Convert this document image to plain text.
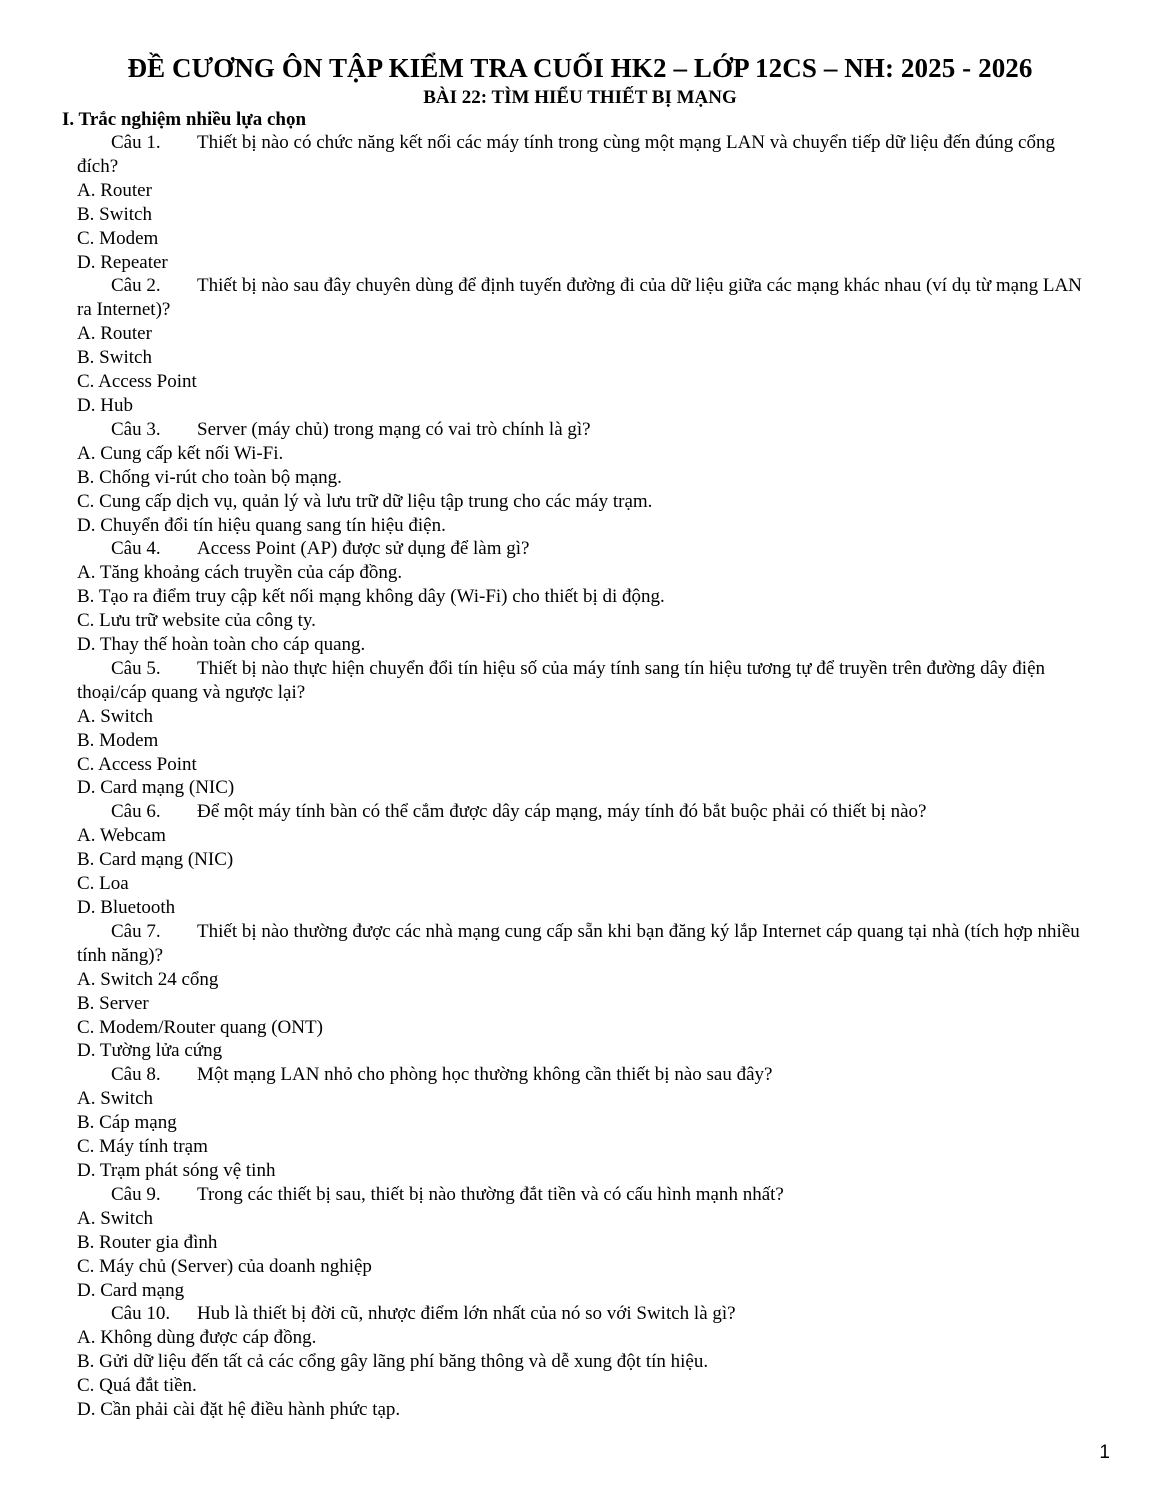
ĐỀ CƯƠNG ÔN TẬP KIỂM TRA CUỐI HK2 – LỚP 12CS – NH: 2025 - 2026
BÀI 22: TÌM HIỂU THIẾT BỊ MẠNG
I. Trắc nghiệm nhiều lựa chọn
Câu 1. Thiết bị nào có chức năng kết nối các máy tính trong cùng một mạng LAN và chuyển tiếp dữ liệu đến đúng cổng đích?
A. Router
B. Switch
C. Modem
D. Repeater
Câu 2. Thiết bị nào sau đây chuyên dùng để định tuyến đường đi của dữ liệu giữa các mạng khác nhau (ví dụ từ mạng LAN ra Internet)?
A. Router
B. Switch
C. Access Point
D. Hub
Câu 3. Server (máy chủ) trong mạng có vai trò chính là gì?
A. Cung cấp kết nối Wi-Fi.
B. Chống vi-rút cho toàn bộ mạng.
C. Cung cấp dịch vụ, quản lý và lưu trữ dữ liệu tập trung cho các máy trạm.
D. Chuyển đổi tín hiệu quang sang tín hiệu điện.
Câu 4. Access Point (AP) được sử dụng để làm gì?
A. Tăng khoảng cách truyền của cáp đồng.
B. Tạo ra điểm truy cập kết nối mạng không dây (Wi-Fi) cho thiết bị di động.
C. Lưu trữ website của công ty.
D. Thay thế hoàn toàn cho cáp quang.
Câu 5. Thiết bị nào thực hiện chuyển đổi tín hiệu số của máy tính sang tín hiệu tương tự để truyền trên đường dây điện thoại/cáp quang và ngược lại?
A. Switch
B. Modem
C. Access Point
D. Card mạng (NIC)
Câu 6. Để một máy tính bàn có thể cắm được dây cáp mạng, máy tính đó bắt buộc phải có thiết bị nào?
A. Webcam
B. Card mạng (NIC)
C. Loa
D. Bluetooth
Câu 7. Thiết bị nào thường được các nhà mạng cung cấp sẵn khi bạn đăng ký lắp Internet cáp quang tại nhà (tích hợp nhiều tính năng)?
A. Switch 24 cổng
B. Server
C. Modem/Router quang (ONT)
D. Tường lửa cứng
Câu 8. Một mạng LAN nhỏ cho phòng học thường không cần thiết bị nào sau đây?
A. Switch
B. Cáp mạng
C. Máy tính trạm
D. Trạm phát sóng vệ tinh
Câu 9. Trong các thiết bị sau, thiết bị nào thường đắt tiền và có cấu hình mạnh nhất?
A. Switch
B. Router gia đình
C. Máy chủ (Server) của doanh nghiệp
D. Card mạng
Câu 10. Hub là thiết bị đời cũ, nhược điểm lớn nhất của nó so với Switch là gì?
A. Không dùng được cáp đồng.
B. Gửi dữ liệu đến tất cả các cổng gây lãng phí băng thông và dễ xung đột tín hiệu.
C. Quá đắt tiền.
D. Cần phải cài đặt hệ điều hành phức tạp.
1
